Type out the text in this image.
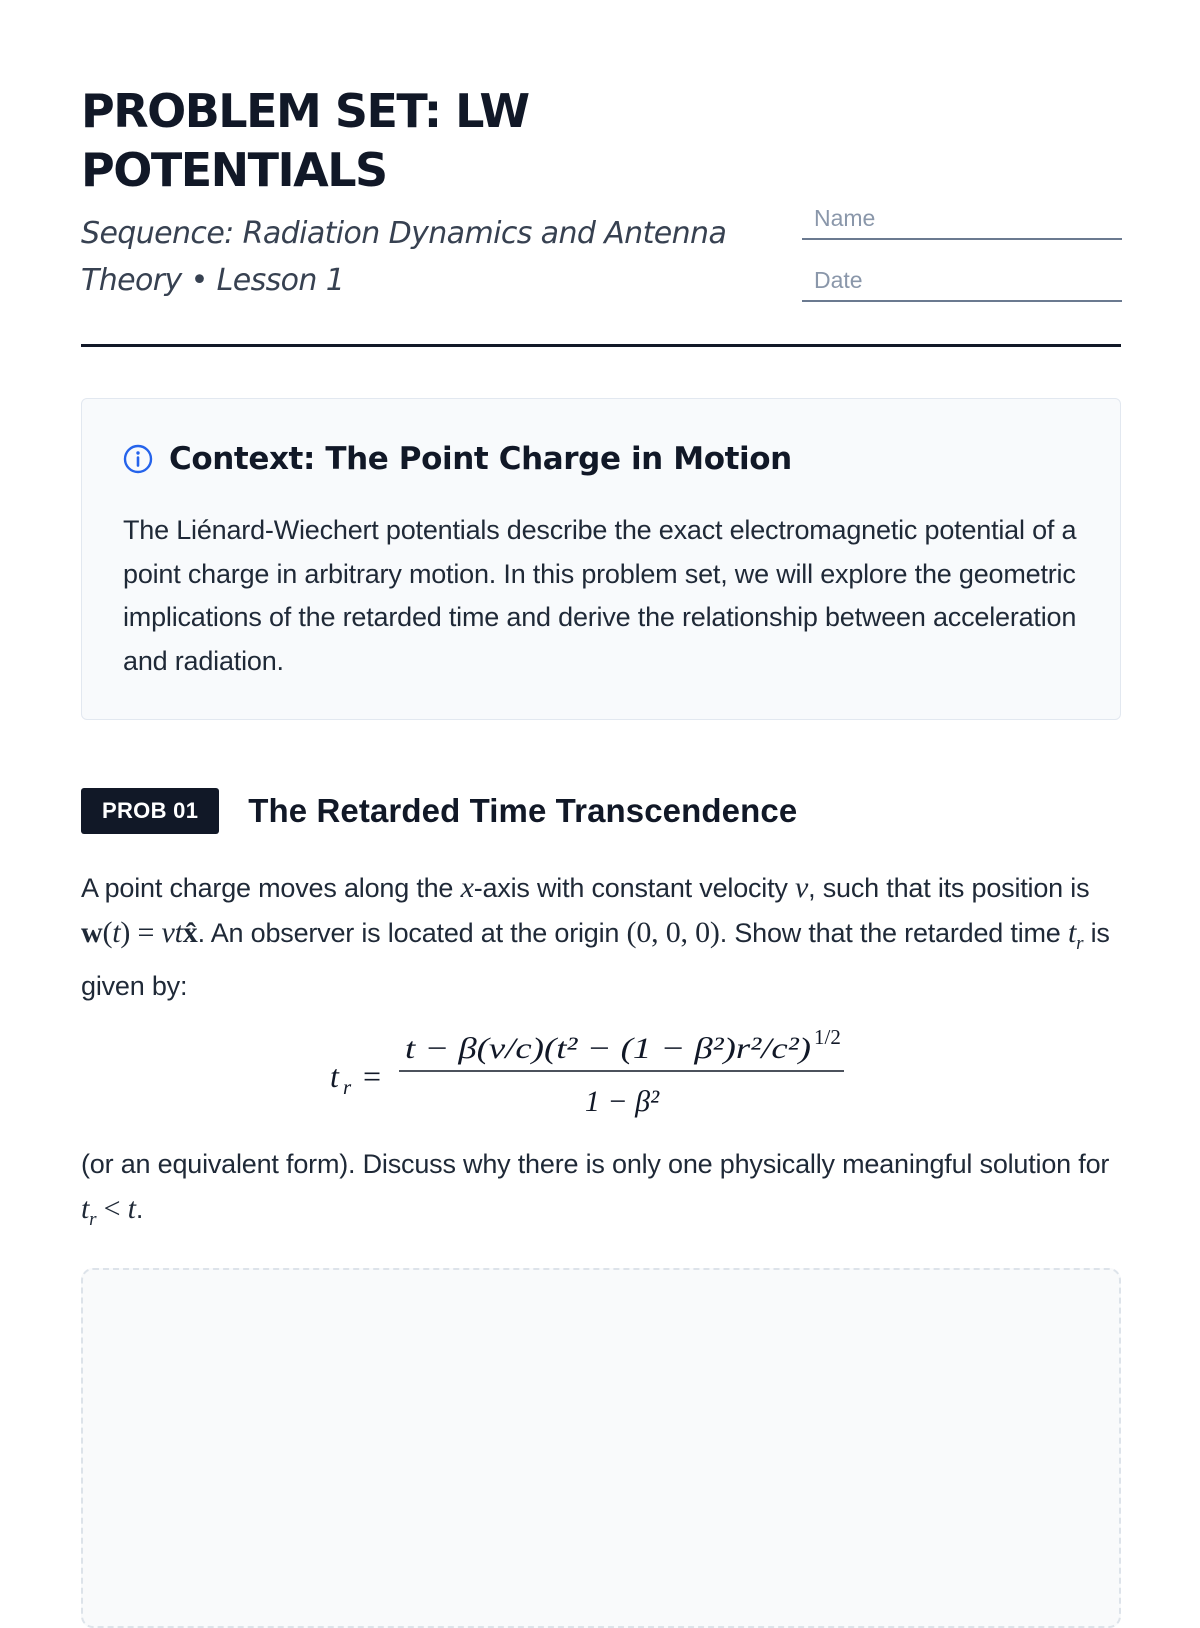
PROBLEM SET: LW POTENTIALS

Sequence: Radiation Dynamics and Antenna Theory • Lesson 1

Name
Date
Context: The Point Charge in Motion

The Liénard-Wiechert potentials describe the exact electromagnetic potential of a point charge in arbitrary motion. In this problem set, we will explore the geometric implications of the retarded time and derive the relationship between acceleration and radiation.

PROB 01	The Retarded Time Transcendence

A point charge moves along the x-axis with constant velocity v, such that its position is w(t) = vtx̂. An observer is located at the origin (0, 0, 0). Show that the retarded time $t_r$ is given by:

t r =
t − β(v/c)(t² − (1 − β²)r²/c²) 1/2
1 − β²

(or an equivalent form). Discuss why there is only one physically meaningful solution for $t_r < t$.
